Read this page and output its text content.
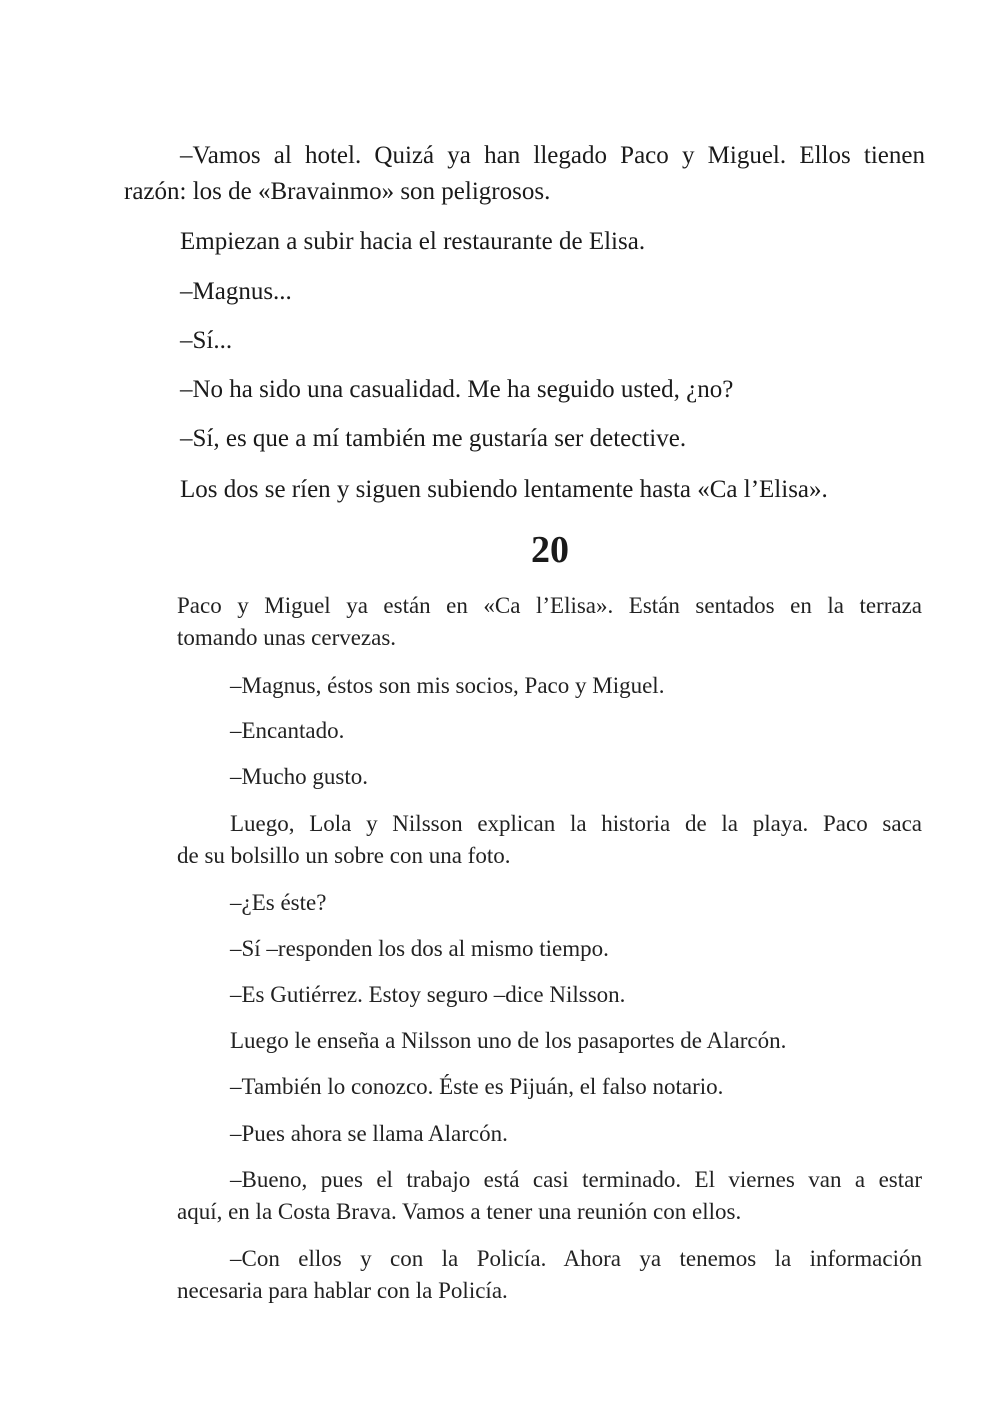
–Vamos al hotel. Quizá ya han llegado Paco y Miguel. Ellos tienen

razón: los de «Bravainmo» son peligrosos.

Empiezan a subir hacia el restaurante de Elisa.

–Magnus...

–Sí...

–No ha sido una casualidad. Me ha seguido usted, ¿no?

–Sí, es que a mí también me gustaría ser detective.

Los dos se ríen y siguen subiendo lentamente hasta «Ca l’Elisa».

20

Paco y Miguel ya están en «Ca l’Elisa». Están sentados en la terraza

tomando unas cervezas.

–Magnus, éstos son mis socios, Paco y Miguel.

–Encantado.

–Mucho gusto.

Luego, Lola y Nilsson explican la historia de la playa. Paco saca

de su bolsillo un sobre con una foto.

–¿Es éste?

–Sí –responden los dos al mismo tiempo.

–Es Gutiérrez. Estoy seguro –dice Nilsson.

Luego le enseña a Nilsson uno de los pasaportes de Alarcón.

–También lo conozco. Éste es Pijuán, el falso notario.

–Pues ahora se llama Alarcón.

–Bueno, pues el trabajo está casi terminado. El viernes van a estar

aquí, en la Costa Brava. Vamos a tener una reunión con ellos.

–Con ellos y con la Policía. Ahora ya tenemos la información

necesaria para hablar con la Policía.
